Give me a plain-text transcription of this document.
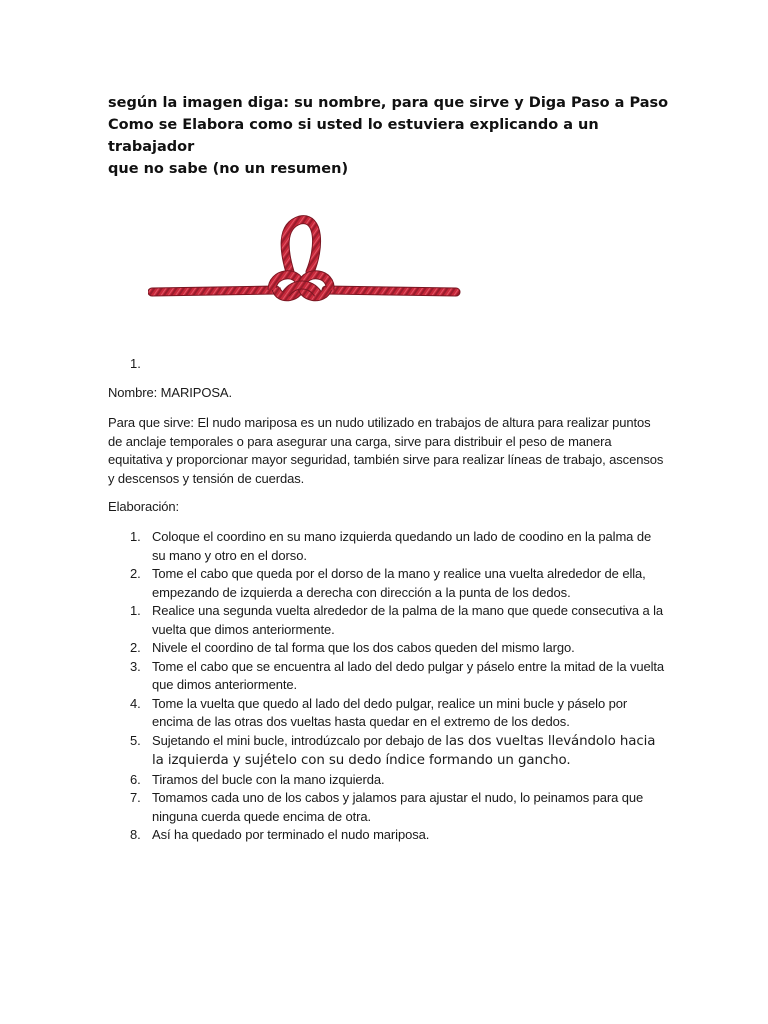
según la imagen diga: su nombre, para que sirve y Diga Paso a Paso
Como se Elabora como si usted lo estuviera explicando a un trabajador
que no sabe (no un resumen)
1.
Nombre: MARIPOSA.
Para que sirve: El nudo mariposa es un nudo utilizado en trabajos de altura para realizar puntos de anclaje temporales o para asegurar una carga, sirve para distribuir el peso de manera equitativa y proporcionar mayor seguridad, también sirve para realizar líneas de trabajo, ascensos y descensos y tensión de cuerdas.
Elaboración:
1. Coloque el coordino en su mano izquierda quedando un lado de coodino en la palma de su mano y otro en el dorso.
2. Tome el cabo que queda por el dorso de la mano y realice una vuelta alrededor de ella, empezando de izquierda a derecha con dirección a la punta de los dedos.
1. Realice una segunda vuelta alrededor de la palma de la mano que quede consecutiva a la vuelta que dimos anteriormente.
2. Nivele el coordino de tal forma que los dos cabos queden del mismo largo.
3. Tome el cabo que se encuentra al lado del dedo pulgar y páselo entre la mitad de la vuelta que dimos anteriormente.
4. Tome la vuelta que quedo al lado del dedo pulgar, realice un mini bucle y páselo por encima de las otras dos vueltas hasta quedar en el extremo de los dedos.
5. Sujetando el mini bucle, introdúzcalo por debajo de las dos vueltas llevándolo hacia la izquierda y sujételo con su dedo índice formando un gancho.
6. Tiramos del bucle con la mano izquierda.
7. Tomamos cada uno de los cabos y jalamos para ajustar el nudo, lo peinamos para que ninguna cuerda quede encima de otra.
8. Así ha quedado por terminado el nudo mariposa.
